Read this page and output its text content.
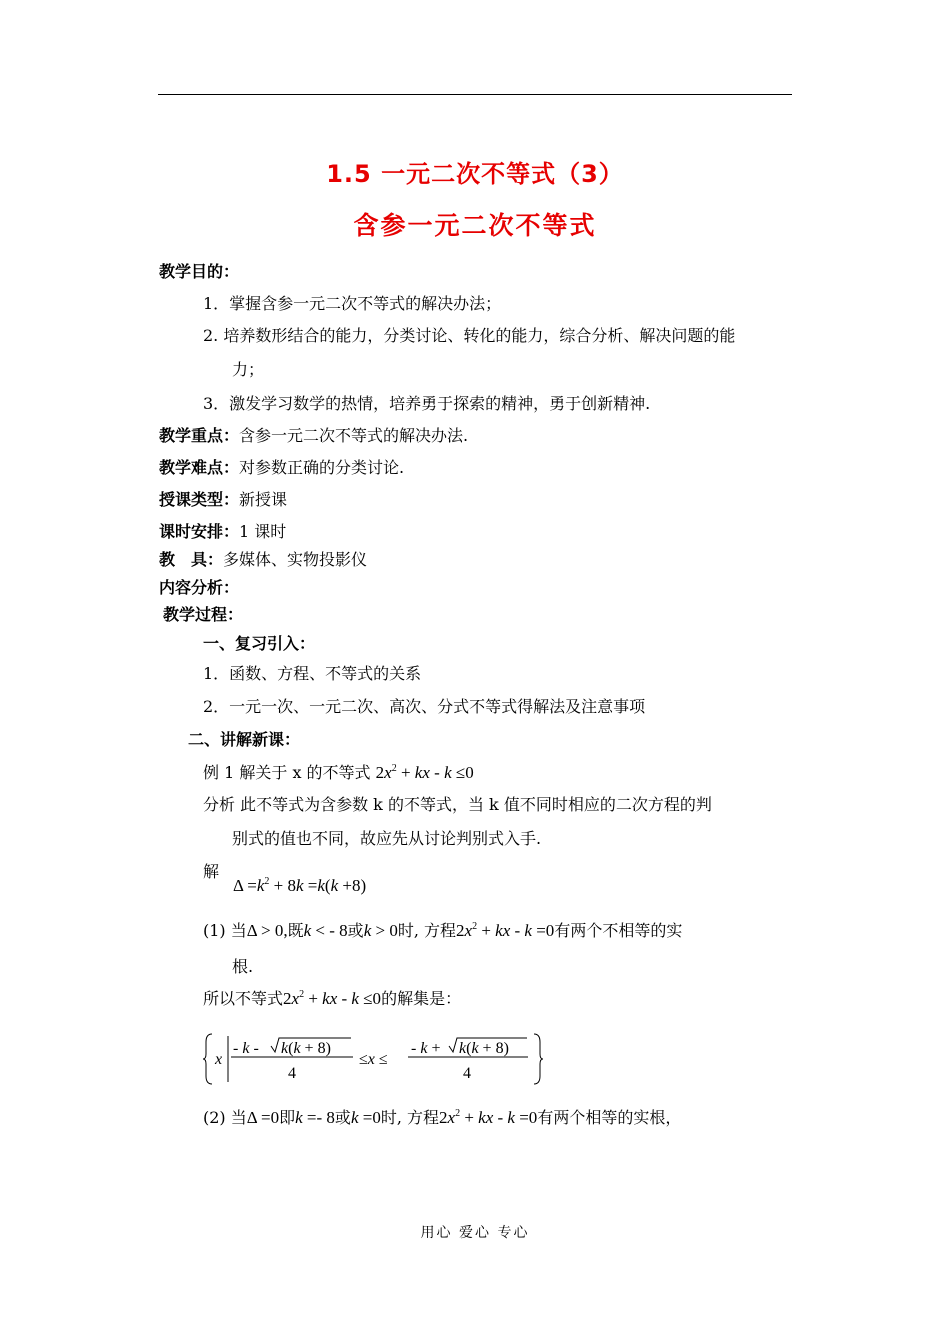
1.5 一元二次不等式（3）
含参一元二次不等式
教学目的：
1．掌握含参一元二次不等式的解决办法；
2. 培养数形结合的能力，分类讨论、转化的能力，综合分析、解决问题的能
力；
3．激发学习数学的热情，培养勇于探索的精神，勇于创新精神.
教学重点：含参一元二次不等式的解决办法.
教学难点：对参数正确的分类讨论.
授课类型：新授课
课时安排：1 课时
教　具：多媒体、实物投影仪
内容分析：
教学过程：
一、复习引入：
1．函数、方程、不等式的关系
2．一元一次、一元二次、高次、分式不等式得解法及注意事项
二、讲解新课：
例 1 解关于 x 的不等式 $2x^2$ + kx - k ≤0
分析 此不等式为含参数 k 的不等式，当 k 值不同时相应的二次方程的判
别式的值也不同，故应先从讨论判别式入手.
解
$\Delta =k^2 + 8k =k(k +8)$
(1) 当Δ > 0,既k < - 8或k > 0时, 方程$2x^2$ + kx - k =0有两个不相等的实
根.
所以不等式$2x^2$ + kx - k ≤0的解集是：
x
- k - k(k + 8)
4
≤x ≤
- k + k(k + 8)
4
(2) 当Δ =0即k =- 8或k =0时, 方程$2x^2$ + kx - k =0有两个相等的实根，
用心 爱心 专心
